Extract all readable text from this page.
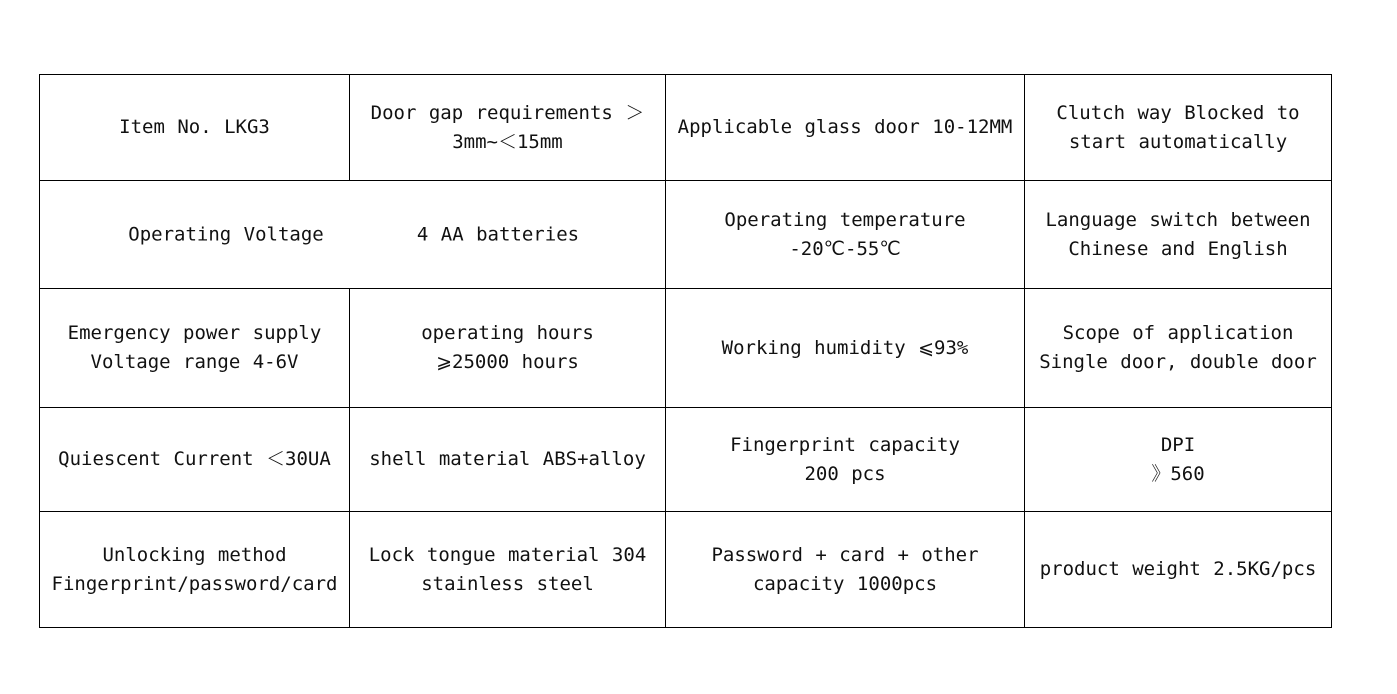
Item No. LKG3	Door gap requirements ＞
3mm~＜15mm	Applicable glass door 10-12MM	Clutch way Blocked to
start automatically

Operating Voltage 4 AA batteries		Operating temperature
-20℃-55℃	Language switch between
Chinese and English

Emergency power supply
Voltage range 4-6V	operating hours
⩾25000 hours	Working humidity ⩽93%	Scope of application
Single door, double door

Quiescent Current ＜30UA	shell material ABS+alloy	Fingerprint capacity
200 pcs	DPI
》560

Unlocking method
Fingerprint/password/card	Lock tongue material 304
stainless steel	Password + card + other
capacity 1000pcs	product weight 2.5KG/pcs
